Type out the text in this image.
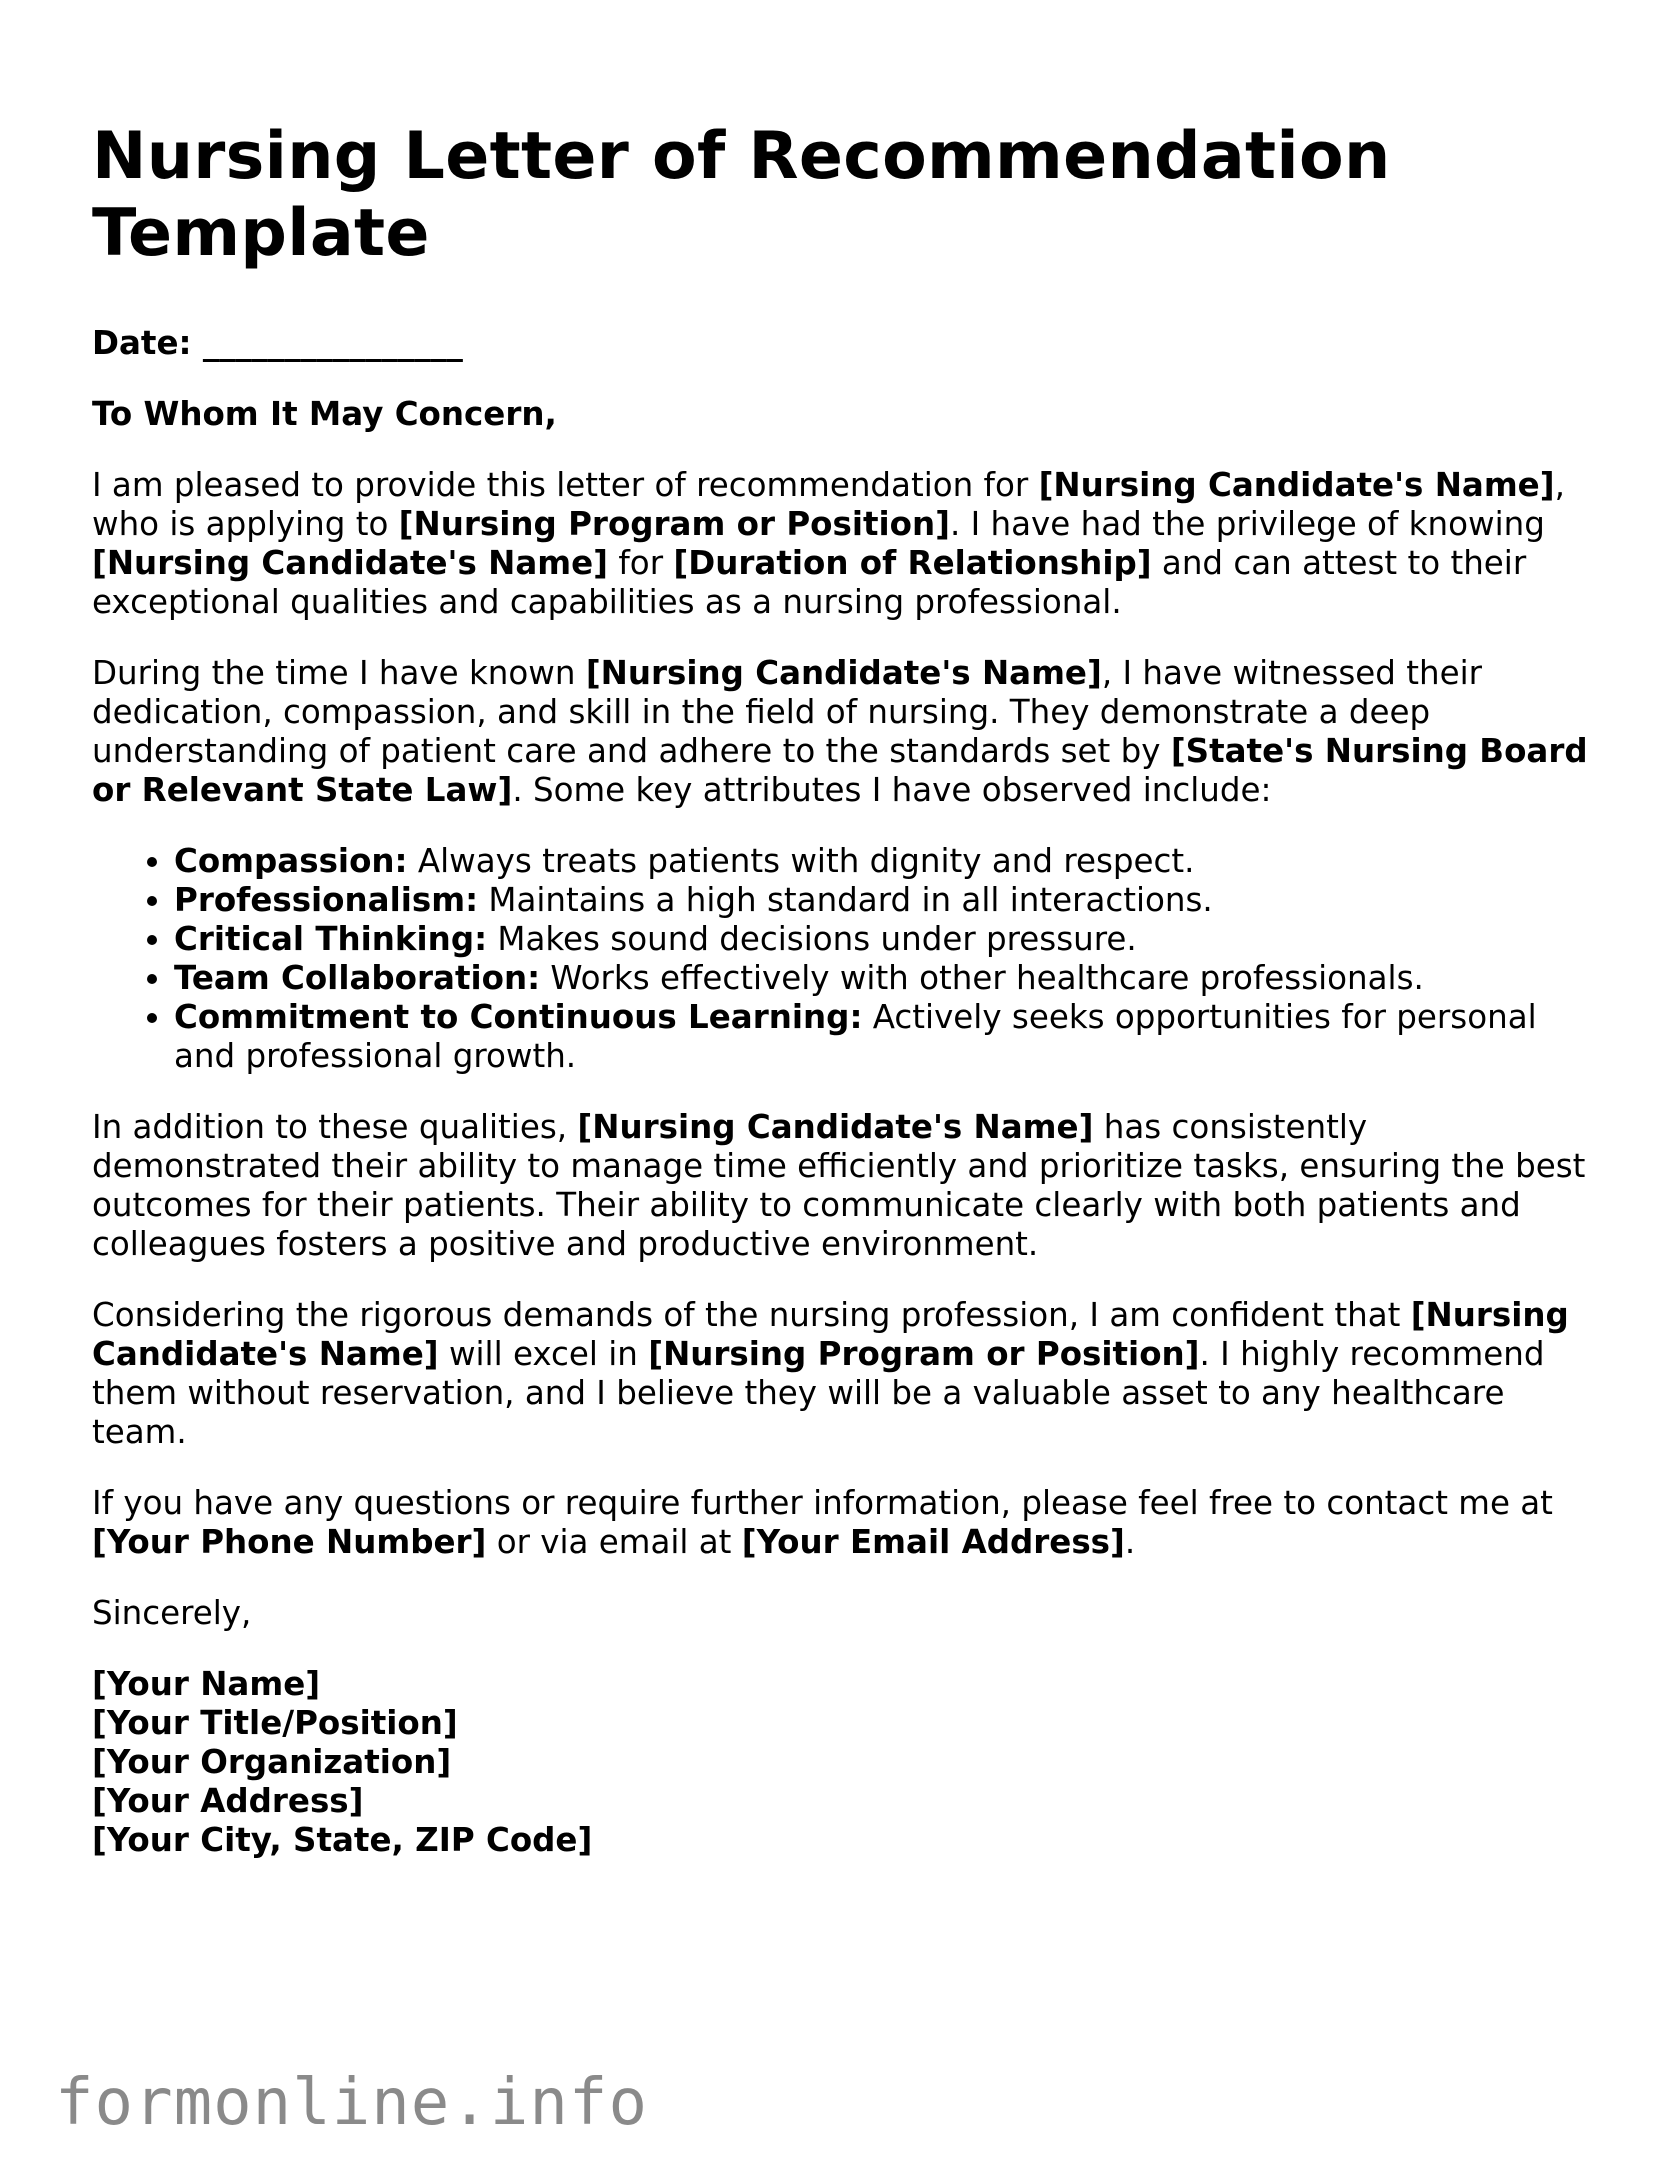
Nursing Letter of Recommendation Template
Date: ________________
To Whom It May Concern,
I am pleased to provide this letter of recommendation for [Nursing Candidate's Name], who is applying to [Nursing Program or Position]. I have had the privilege of knowing [Nursing Candidate's Name] for [Duration of Relationship] and can attest to their exceptional qualities and capabilities as a nursing professional.
During the time I have known [Nursing Candidate's Name], I have witnessed their dedication, compassion, and skill in the field of nursing. They demonstrate a deep understanding of patient care and adhere to the standards set by [State's Nursing Board or Relevant State Law]. Some key attributes I have observed include:
• Compassion: Always treats patients with dignity and respect.
• Professionalism: Maintains a high standard in all interactions.
• Critical Thinking: Makes sound decisions under pressure.
• Team Collaboration: Works effectively with other healthcare professionals.
• Commitment to Continuous Learning: Actively seeks opportunities for personal and professional growth.
In addition to these qualities, [Nursing Candidate's Name] has consistently demonstrated their ability to manage time efficiently and prioritize tasks, ensuring the best outcomes for their patients. Their ability to communicate clearly with both patients and colleagues fosters a positive and productive environment.
Considering the rigorous demands of the nursing profession, I am confident that [Nursing Candidate's Name] will excel in [Nursing Program or Position]. I highly recommend them without reservation, and I believe they will be a valuable asset to any healthcare team.
If you have any questions or require further information, please feel free to contact me at [Your Phone Number] or via email at [Your Email Address].
Sincerely,
[Your Name]
[Your Title/Position]
[Your Organization]
[Your Address]
[Your City, State, ZIP Code]
formonline.info
